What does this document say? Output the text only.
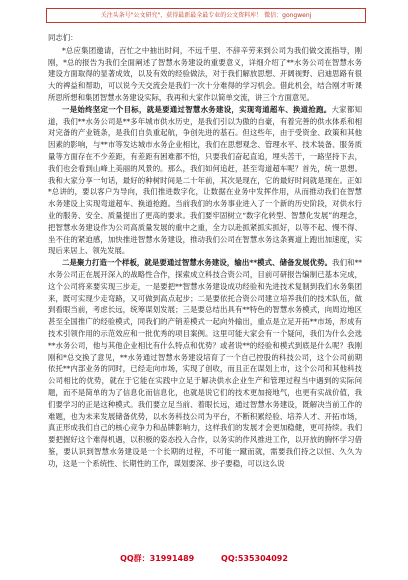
关注头条号"公文研究"，获得最新最全最专业的公文资料库！ 微信：gongwenj

同志们：

*总应集团邀请，百忙之中抽出时间，不远千里、不辞辛劳来到公司为我们做交流指导，刚刚，*总的报告为我们全面阐述了智慧水务建设的重要意义，详细介绍了**水务公司在智慧水务建设方面取得的显著成效，以及有效的经验做法，对于我们解放思想、开阔视野、启迪思路有很大的裨益和帮助，可以说今天交流会是我们一次十分难得的学习机会。借此机会，结合刚才听课所思所想和集团智慧水务建设实际，我再和大家作以简单交流，讲三个方面意见。

一是始终坚定一个目标，就是要通过智慧水务建设，实现弯道超车、换道抢跑。大家都知道，我们**水务公司是**多年城市供水历史，是我们引以为傲的自豪，有着完善的供水体系和相对完备的产业链条，是我们自负重起航，争创先进的基石。但这些年，由于受资金、政策和其他因素的影响，与**市等发达城市水务企业相比，我们在思想观念、管理水平、技术装备、服务质量等方面存在不少差距，有差距有困难都不怕，只要我们奋起直追，埋头苦干，一路坚持下去，我们也会看到山峰上美丽的风景的。那么，我们如何追赶，甚至弯道超车呢？首先，统一思想。我和大家分享一句话，最好的种树时间是二十年前，其次是现在，它的最好时间就是现在。正如*总讲的，要以客户为导向，我们推进数字化，让数据在业务中发挥作用，从而推动我们在智慧水务建设上实现弯道超车、换道抢跑。当前我们的水务事业进入了一个新的历史阶段，对供水行业的服务、安全、质量提出了更高的要求。我们要牢固树立“数字化转型、智慧化发展”的理念，把智慧水务建设作为公司高质量发展的重中之重，全力以赴抓紧抓实抓好，以等不起、慢不得、坐不住的紧迫感，加快推进智慧水务建设，推动我们公司在智慧水务这条赛道上跑出加速度，实现后来居上、领先发展。

二是聚力打造一个样板，就是要通过智慧水务建设，输出**模式、储备发展优势。我们和**水务公司正在展开深入的战略性合作，探索成立科技合资公司，目前可研报告编制已基本完成，这个公司将来要实现三步走，一是要把**智慧水务建设成功经验和先进技术复制到我们水务集团来，既可实现少走弯路，又可做到高点起步；二是要依托合资公司建立培养我们的技术队伍，做到看眼当前，考虑长远，统筹谋划发展；三是要总结出具有**特色的智慧水务模式，向周边地区甚至全国推广的经验模式，同我们的产销差模式一起向外输出，重点是立足开拓**市场，形成有技术引领作用的示范效应和一批优秀的项目案例。这里可能大家会有一个疑问，我们为什么会选**水务公司，他与其他企业相比有什么特点和优势？或者说**的经验和模式到底是什么呢？我刚刚和*总交换了意见，**水务通过智慧水务建设培育了一个自己控股的科技公司，这个公司前期依托**内部业务的同时，已经走向市场，实现了创收，而且正在谋划上市，这个公司和其他科技公司相比的优势，就在于它能在实践中立足于解决供水企业生产和管理过程当中遇到的实际问题，而不是简单的为了信息化而信息化，也就是说它们的技术更加接地气，也更有实战价值，我们要学习的正是这种模式。我们要立足当前、着眼长远，通过智慧水务建设，既解决当前工作的难题，也为未来发展储备优势，以水务科技公司为平台，不断积累经验、培养人才、开拓市场，真正形成我们自己的核心竞争力和品牌影响力，这样我们的发展才会更加稳健，更可持续。我们要把握好这个难得机遇，以积极的姿态投入合作，以务实的作风推进工作，以开放的胸怀学习借鉴，要认识到智慧水务建设是一个长期的过程，不可能一蹴而就，需要我们持之以恒、久久为功，这是一个系统性、长期性的工作，谋划要深、步子要稳，可以这么说

QQ群：31991489	QQ:535304092
